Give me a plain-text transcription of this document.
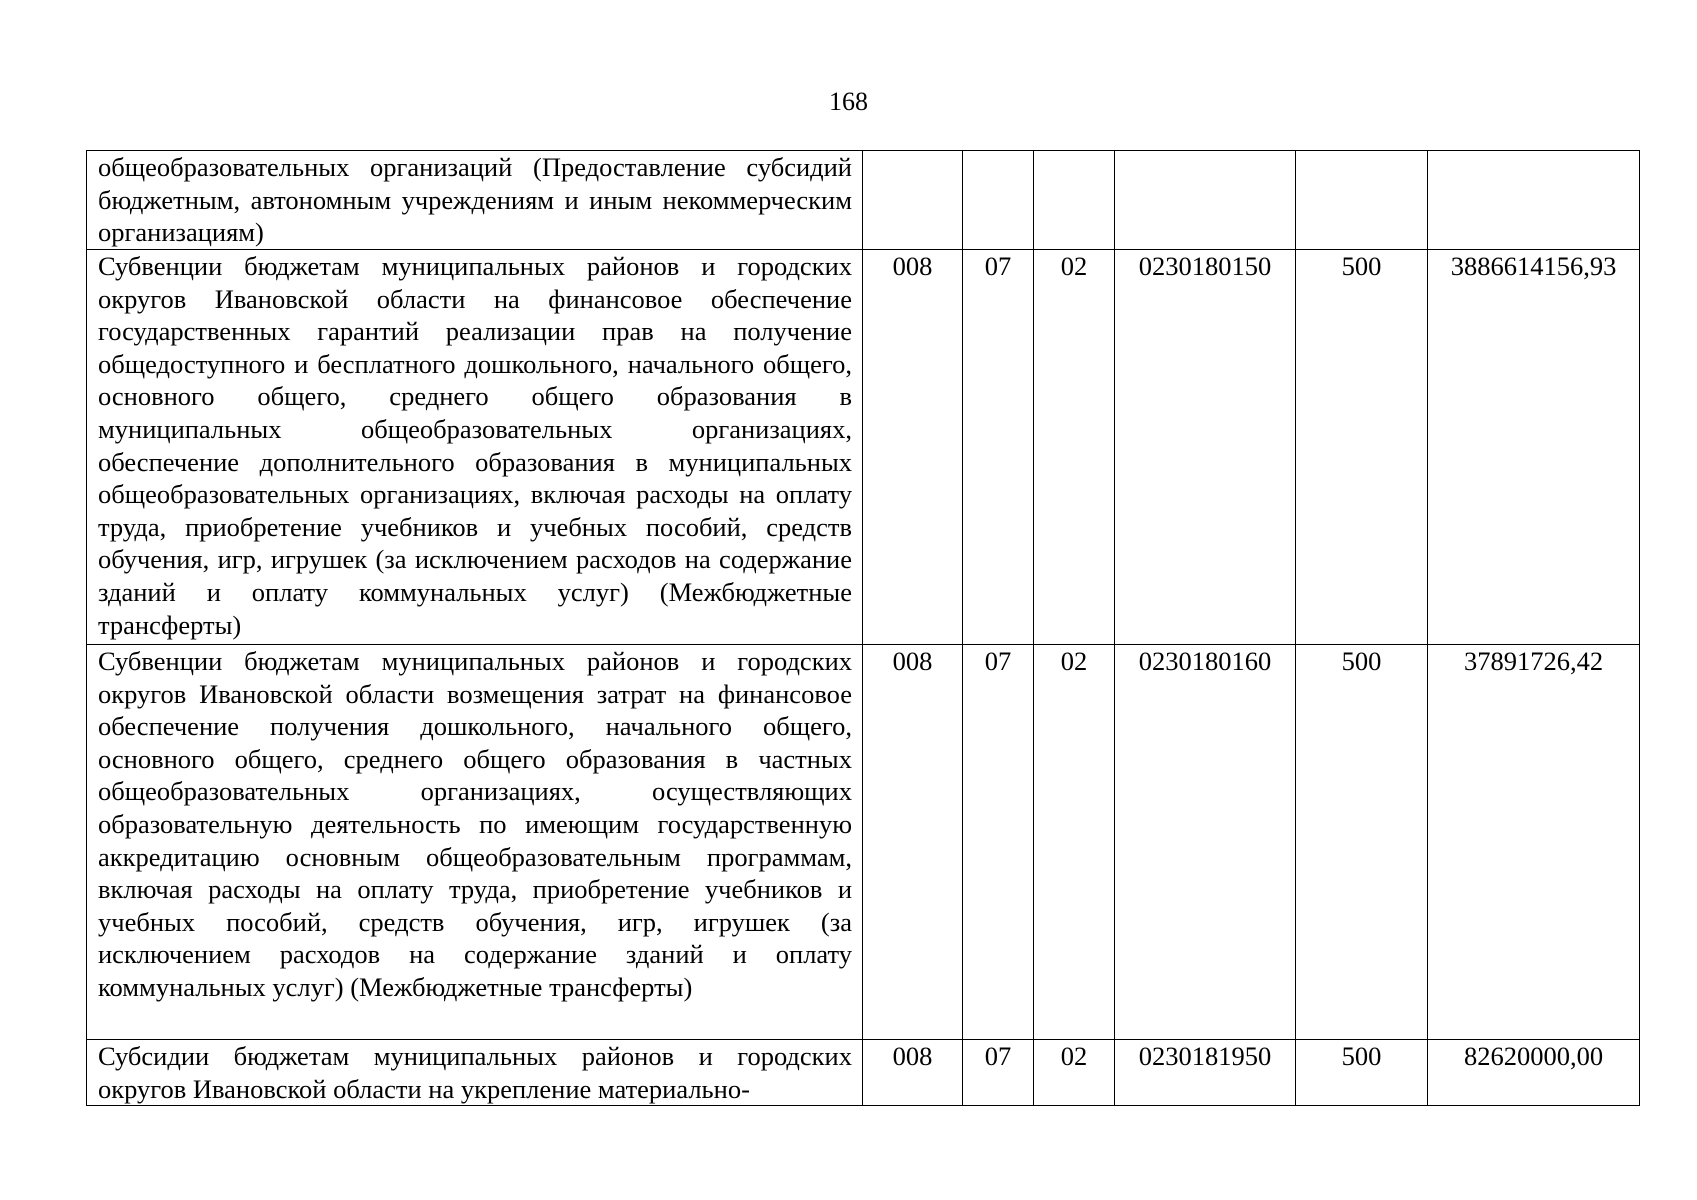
168
общеобразовательных организаций (Предоставление субсидий бюджетным, автономным учреждениям и иным некоммерческим организациям)						
Субвенции бюджетам муниципальных районов и городских округов Ивановской области на финансовое обеспечение государственных гарантий реализации прав на получение общедоступного и бесплатного дошкольного, начального общего, основного общего, среднего общего образования в муниципальных общеобразовательных организациях, обеспечение дополнительного образования в муниципальных общеобразовательных организациях, включая расходы на оплату труда, приобретение учебников и учебных пособий, средств обучения, игр, игрушек (за исключением расходов на содержание зданий и оплату коммунальных услуг) (Межбюджетные трансферты)	008	07	02	0230180150	500	3886614156,93
Субвенции бюджетам муниципальных районов и городских округов Ивановской области возмещения затрат на финансовое обеспечение получения дошкольного, начального общего, основного общего, среднего общего образования в частных общеобразовательных организациях, осуществляющих образовательную деятельность по имеющим государственную аккредитацию основным общеобразовательным программам, включая расходы на оплату труда, приобретение учебников и учебных пособий, средств обучения, игр, игрушек (за исключением расходов на содержание зданий и оплату коммунальных услуг) (Межбюджетные трансферты)	008	07	02	0230180160	500	37891726,42
Субсидии бюджетам муниципальных районов и городских округов Ивановской области на укрепление материально-	008	07	02	0230181950	500	82620000,00
